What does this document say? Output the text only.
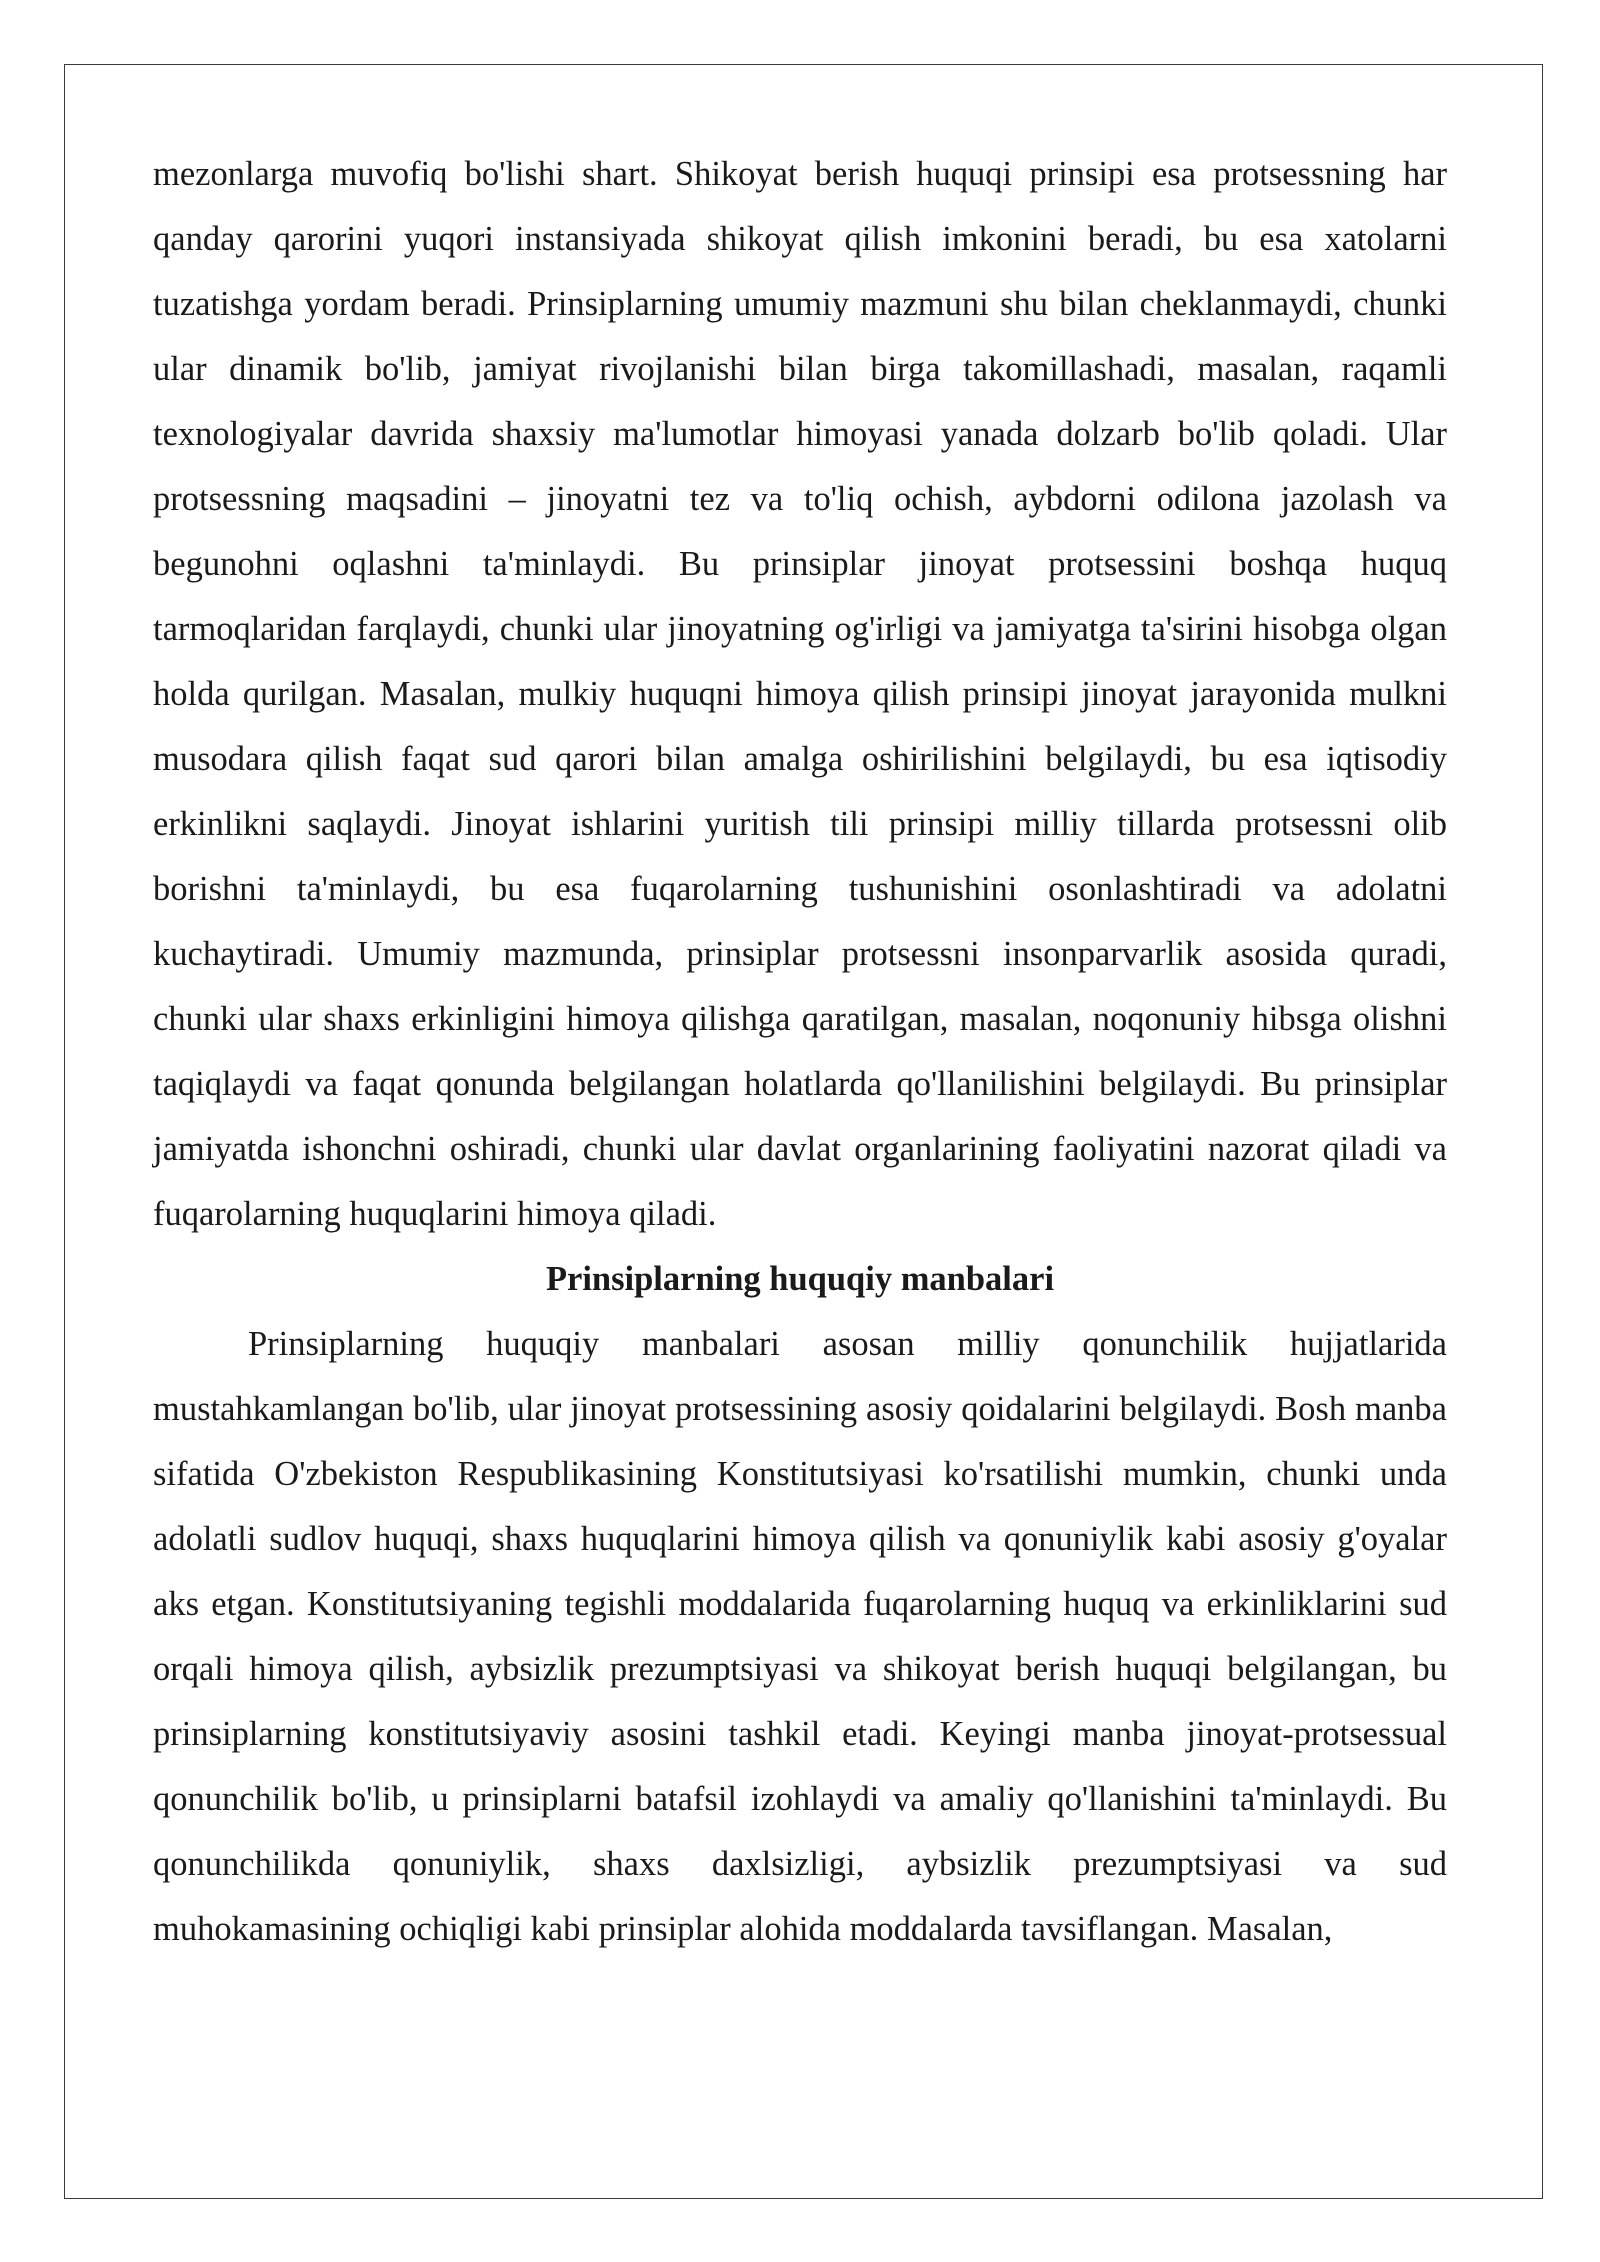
mezonlarga muvofiq bo'lishi shart. Shikoyat berish huquqi prinsipi esa protsessning har qanday qarorini yuqori instansiyada shikoyat qilish imkonini beradi, bu esa xatolarni tuzatishga yordam beradi. Prinsiplarning umumiy mazmuni shu bilan cheklanmaydi, chunki ular dinamik bo'lib, jamiyat rivojlanishi bilan birga takomillashadi, masalan, raqamli texnologiyalar davrida shaxsiy ma'lumotlar himoyasi yanada dolzarb bo'lib qoladi. Ular protsessning maqsadini – jinoyatni tez va to'liq ochish, aybdorni odilona jazolash va begunohni oqlashni ta'minlaydi. Bu prinsiplar jinoyat protsessini boshqa huquq tarmoqlaridan farqlaydi, chunki ular jinoyatning og'irligi va jamiyatga ta'sirini hisobga olgan holda qurilgan. Masalan, mulkiy huquqni himoya qilish prinsipi jinoyat jarayonida mulkni musodara qilish faqat sud qarori bilan amalga oshirilishini belgilaydi, bu esa iqtisodiy erkinlikni saqlaydi. Jinoyat ishlarini yuritish tili prinsipi milliy tillarda protsessni olib borishni ta'minlaydi, bu esa fuqarolarning tushunishini osonlashtiradi va adolatni kuchaytiradi. Umumiy mazmunda, prinsiplar protsessni insonparvarlik asosida quradi, chunki ular shaxs erkinligini himoya qilishga qaratilgan, masalan, noqonuniy hibsga olishni taqiqlaydi va faqat qonunda belgilangan holatlarda qo'llanilishini belgilaydi. Bu prinsiplar jamiyatda ishonchni oshiradi, chunki ular davlat organlarining faoliyatini nazorat qiladi va fuqarolarning huquqlarini himoya qiladi.

Prinsiplarning huquqiy manbalari

Prinsiplarning huquqiy manbalari asosan milliy qonunchilik hujjatlarida mustahkamlangan bo'lib, ular jinoyat protsessining asosiy qoidalarini belgilaydi. Bosh manba sifatida O'zbekiston Respublikasining Konstitutsiyasi ko'rsatilishi mumkin, chunki unda adolatli sudlov huquqi, shaxs huquqlarini himoya qilish va qonuniylik kabi asosiy g'oyalar aks etgan. Konstitutsiyaning tegishli moddalarida fuqarolarning huquq va erkinliklarini sud orqali himoya qilish, aybsizlik prezumptsiyasi va shikoyat berish huquqi belgilangan, bu prinsiplarning konstitutsiyaviy asosini tashkil etadi. Keyingi manba jinoyat-protsessual qonunchilik bo'lib, u prinsiplarni batafsil izohlaydi va amaliy qo'llanishini ta'minlaydi. Bu qonunchilikda qonuniylik, shaxs daxlsizligi, aybsizlik prezumptsiyasi va sud muhokamasining ochiqligi kabi prinsiplar alohida moddalarda tavsiflangan. Masalan,
